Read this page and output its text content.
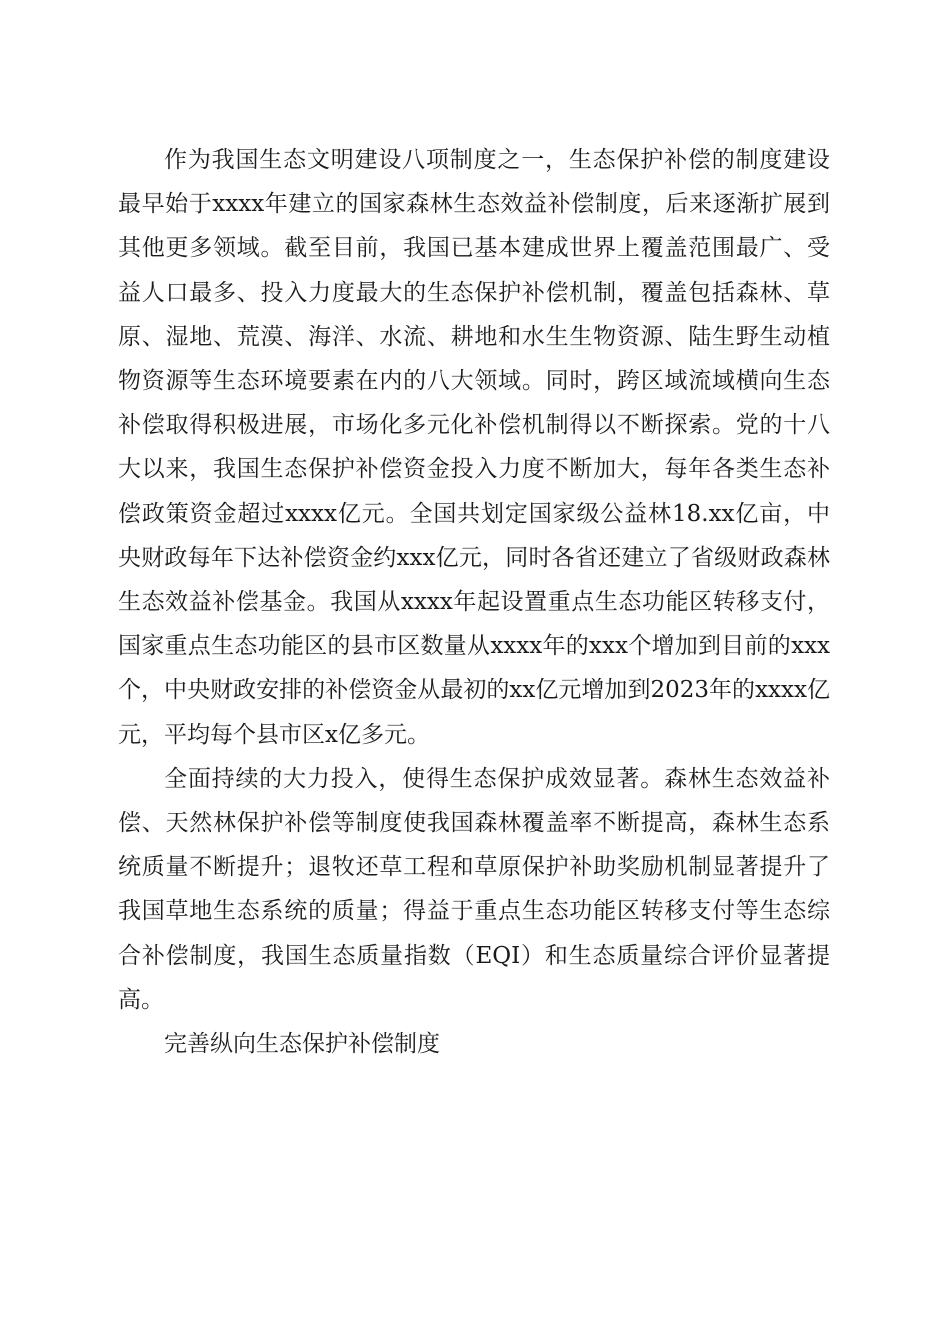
作为我国生态文明建设八项制度之一，生态保护补偿的制度建设最早始于xxxx年建立的国家森林生态效益补偿制度，后来逐渐扩展到其他更多领域。截至目前，我国已基本建成世界上覆盖范围最广、受益人口最多、投入力度最大的生态保护补偿机制，覆盖包括森林、草原、湿地、荒漠、海洋、水流、耕地和水生生物资源、陆生野生动植物资源等生态环境要素在内的八大领域。同时，跨区域流域横向生态补偿取得积极进展，市场化多元化补偿机制得以不断探索。党的十八大以来，我国生态保护补偿资金投入力度不断加大，每年各类生态补偿政策资金超过xxxx亿元。全国共划定国家级公益林18.xx亿亩，中央财政每年下达补偿资金约xxx亿元，同时各省还建立了省级财政森林生态效益补偿基金。我国从xxxx年起设置重点生态功能区转移支付，国家重点生态功能区的县市区数量从xxxx年的xxx个增加到目前的xxx个，中央财政安排的补偿资金从最初的xx亿元增加到2023年的xxxx亿元，平均每个县市区x亿多元。

全面持续的大力投入，使得生态保护成效显著。森林生态效益补偿、天然林保护补偿等制度使我国森林覆盖率不断提高，森林生态系统质量不断提升；退牧还草工程和草原保护补助奖励机制显著提升了我国草地生态系统的质量；得益于重点生态功能区转移支付等生态综合补偿制度，我国生态质量指数（EQI）和生态质量综合评价显著提高。

完善纵向生态保护补偿制度
